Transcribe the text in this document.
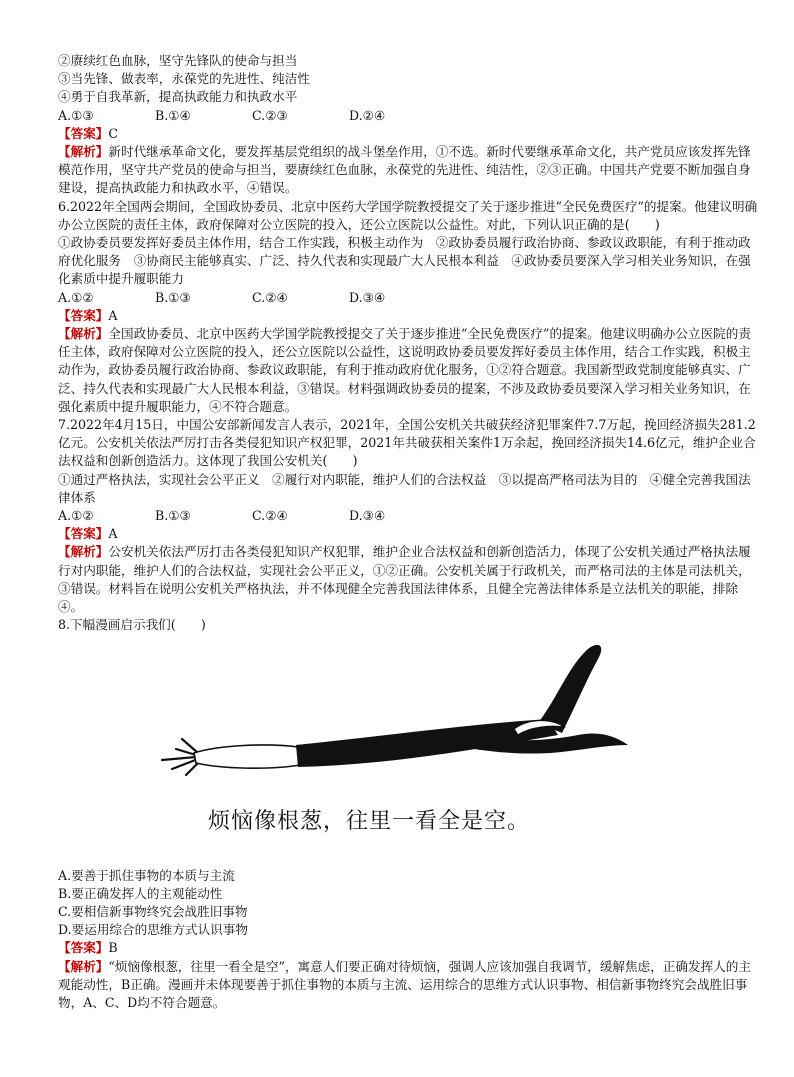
②赓续红色血脉，坚守先锋队的使命与担当
③当先锋、做表率，永葆党的先进性、纯洁性
④勇于自我革新，提高执政能力和执政水平
A.①③	B.①④	C.②③	D.②④
【答案】C
【解析】新时代继承革命文化，要发挥基层党组织的战斗堡垒作用，①不选。新时代要继承革命文化，共产党员应该发挥先锋模范作用，坚守共产党员的使命与担当，要赓续红色血脉，永葆党的先进性、纯洁性，②③正确。中国共产党要不断加强自身建设，提高执政能力和执政水平，④错误。
6.2022年全国两会期间，全国政协委员、北京中医药大学国学院教授提交了关于逐步推进“全民免费医疗”的提案。他建议明确办公立医院的责任主体，政府保障对公立医院的投入，还公立医院以公益性。对此，下列认识正确的是(　　)
①政协委员要发挥好委员主体作用，结合工作实践，积极主动作为　②政协委员履行政治协商、参政议政职能，有利于推动政府优化服务　③协商民主能够真实、广泛、持久代表和实现最广大人民根本利益　④政协委员要深入学习相关业务知识，在强化素质中提升履职能力
A.①②	B.①③	C.②④	D.③④
【答案】A
【解析】全国政协委员、北京中医药大学国学院教授提交了关于逐步推进“全民免费医疗”的提案。他建议明确办公立医院的责任主体，政府保障对公立医院的投入，还公立医院以公益性，这说明政协委员要发挥好委员主体作用，结合工作实践，积极主动作为，政协委员履行政治协商、参政议政职能，有利于推动政府优化服务，①②符合题意。我国新型政党制度能够真实、广泛、持久代表和实现最广大人民根本利益，③错误。材料强调政协委员的提案，不涉及政协委员要深入学习相关业务知识，在强化素质中提升履职能力，④不符合题意。
7.2022年4月15日，中国公安部新闻发言人表示，2021年，全国公安机关共破获经济犯罪案件7.7万起，挽回经济损失281.2亿元。公安机关依法严厉打击各类侵犯知识产权犯罪，2021年共破获相关案件1万余起，挽回经济损失14.6亿元，维护企业合法权益和创新创造活力。这体现了我国公安机关(　　)
①通过严格执法，实现社会公平正义　②履行对内职能，维护人们的合法权益　③以提高严格司法为目的　④健全完善我国法律体系
A.①②	B.①③	C.②④	D.③④
【答案】A
【解析】公安机关依法严厉打击各类侵犯知识产权犯罪，维护企业合法权益和创新创造活力，体现了公安机关通过严格执法履行对内职能，维护人们的合法权益，实现社会公平正义，①②正确。公安机关属于行政机关，而严格司法的主体是司法机关，③错误。材料旨在说明公安机关严格执法，并不体现健全完善我国法律体系，且健全完善法律体系是立法机关的职能，排除④。
8.下幅漫画启示我们(　　)
烦恼像根葱，往里一看全是空。
A.要善于抓住事物的本质与主流
B.要正确发挥人的主观能动性
C.要相信新事物终究会战胜旧事物
D.要运用综合的思维方式认识事物
【答案】B
【解析】“烦恼像根葱，往里一看全是空”，寓意人们要正确对待烦恼，强调人应该加强自我调节，缓解焦虑，正确发挥人的主观能动性，B正确。漫画并未体现要善于抓住事物的本质与主流、运用综合的思维方式认识事物、相信新事物终究会战胜旧事物，A、C、D均不符合题意。
